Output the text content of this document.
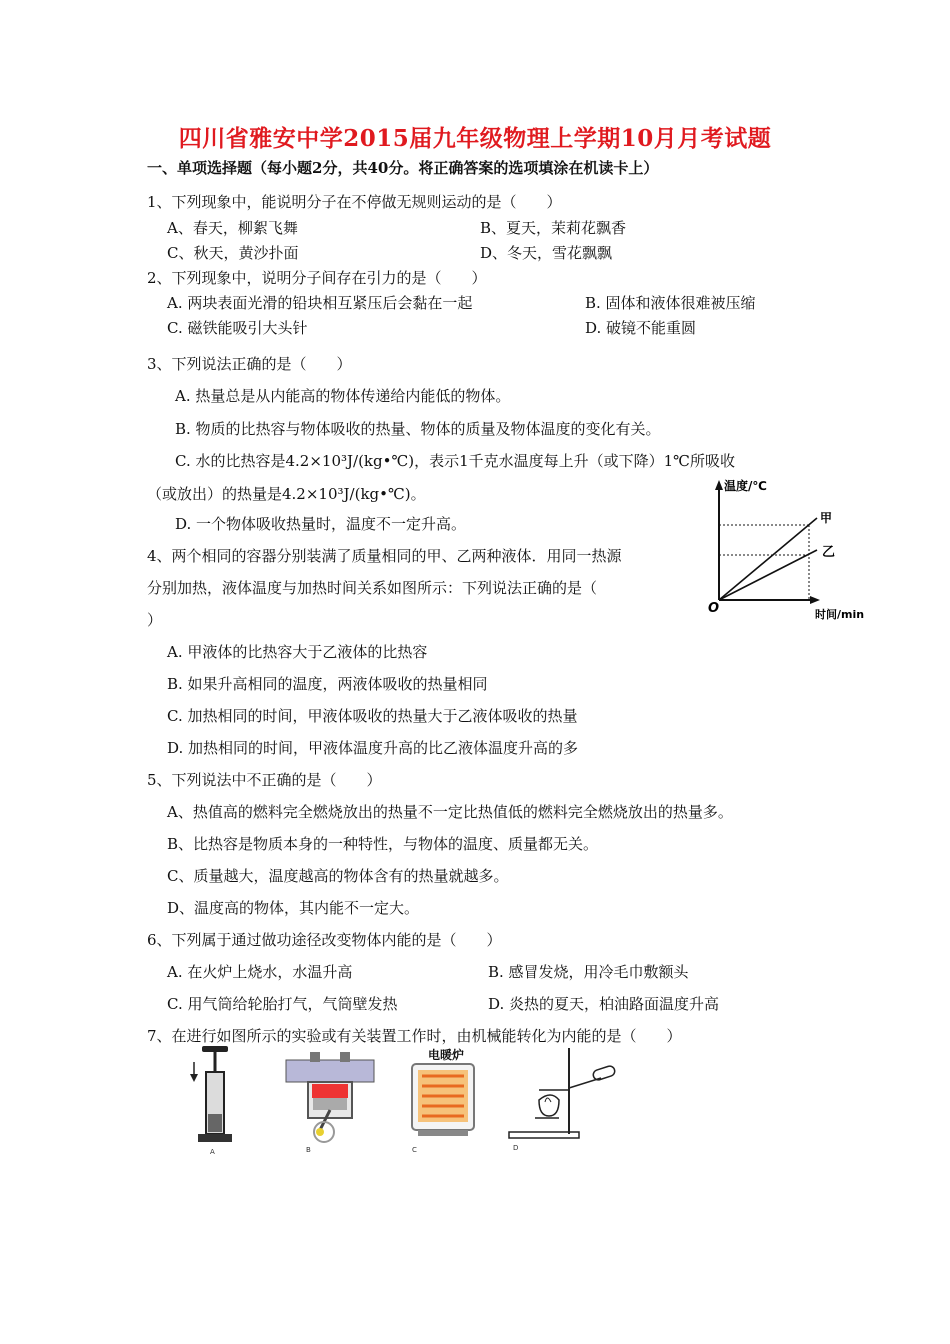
四川省雅安中学2015届九年级物理上学期10月月考试题
一、单项选择题（每小题2分，共40分。将正确答案的选项填涂在机读卡上）
1、下列现象中，能说明分子在不停做无规则运动的是（　　）
A、春天，柳絮飞舞	B、夏天，茉莉花飘香
C、秋天，黄沙扑面	D、冬天，雪花飘飘
2、下列现象中，说明分子间存在引力的是（　　）
A. 两块表面光滑的铅块相互紧压后会黏在一起	B. 固体和液体很难被压缩
C. 磁铁能吸引大头针	D. 破镜不能重圆
3、下列说法正确的是（　　）
A. 热量总是从内能高的物体传递给内能低的物体。
B. 物质的比热容与物体吸收的热量、物体的质量及物体温度的变化有关。
C. 水的比热容是4.2×10³J/(kg•℃)，表示1千克水温度每上升（或下降）1℃所吸收
（或放出）的热量是4.2×10³J/(kg•℃)。
D. 一个物体吸收热量时，温度不一定升高。
4、两个相同的容器分别装满了质量相同的甲、乙两种液体．用同一热源
分别加热，液体温度与加热时间关系如图所示：下列说法正确的是（
）
A. 甲液体的比热容大于乙液体的比热容
B. 如果升高相同的温度，两液体吸收的热量相同
C. 加热相同的时间，甲液体吸收的热量大于乙液体吸收的热量
D. 加热相同的时间，甲液体温度升高的比乙液体温度升高的多
温度/℃
时间/min
O
甲
乙
5、下列说法中不正确的是（　　）
A、热值高的燃料完全燃烧放出的热量不一定比热值低的燃料完全燃烧放出的热量多。
B、比热容是物质本身的一种特性，与物体的温度、质量都无关。
C、质量越大，温度越高的物体含有的热量就越多。
D、温度高的物体，其内能不一定大。
6、下列属于通过做功途径改变物体内能的是（　　）
A. 在火炉上烧水，水温升高	B. 感冒发烧，用冷毛巾敷额头
C. 用气筒给轮胎打气，气筒壁发热	D. 炎热的夏天，柏油路面温度升高
7、在进行如图所示的实验或有关装置工作时，由机械能转化为内能的是（　　）
A	B
电暖炉
C	D
